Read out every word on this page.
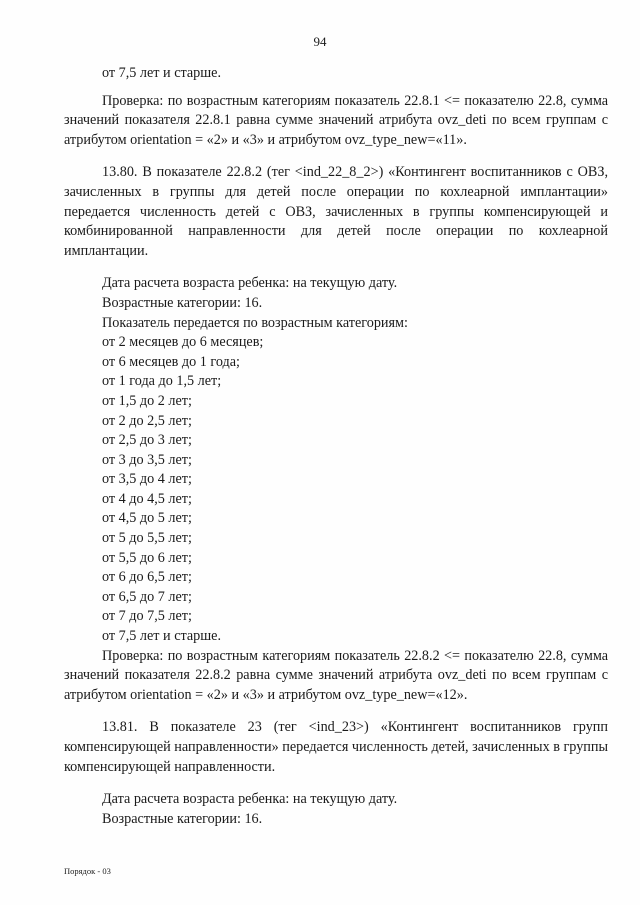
94

от 7,5 лет и старше.

Проверка: по возрастным категориям показатель 22.8.1 <= показателю 22.8, сумма значений показателя 22.8.1 равна сумме значений атрибута ovz_deti по всем группам с атрибутом orientation = «2» и «3» и атрибутом ovz_type_new=«11».

13.80. В показателе 22.8.2 (тег <ind_22_8_2>) «Контингент воспитанников с ОВЗ, зачисленных в группы для детей после операции по кохлеарной имплантации» передается численность детей с ОВЗ, зачисленных в группы компенсирующей и комбинированной направленности для детей после операции по кохлеарной имплантации.

Дата расчета возраста ребенка: на текущую дату.

Возрастные категории: 16.

Показатель передается по возрастным категориям:

от 2 месяцев до 6 месяцев;

от 6 месяцев до 1 года;

от 1 года до 1,5 лет;

от 1,5 до 2 лет;

от 2 до 2,5 лет;

от 2,5 до 3 лет;

от 3 до 3,5 лет;

от 3,5 до 4 лет;

от 4 до 4,5 лет;

от 4,5 до 5 лет;

от 5 до 5,5 лет;

от 5,5 до 6 лет;

от 6 до 6,5 лет;

от 6,5 до 7 лет;

от 7 до 7,5 лет;

от 7,5 лет и старше.

Проверка: по возрастным категориям показатель 22.8.2 <= показателю 22.8, сумма значений показателя 22.8.2 равна сумме значений атрибута ovz_deti по всем группам с атрибутом orientation = «2» и «3» и атрибутом ovz_type_new=«12».

13.81. В показателе 23 (тег <ind_23>) «Контингент воспитанников групп компенсирующей направленности» передается численность детей, зачисленных в группы компенсирующей направленности.

Дата расчета возраста ребенка: на текущую дату.

Возрастные категории: 16.

Порядок - 03
